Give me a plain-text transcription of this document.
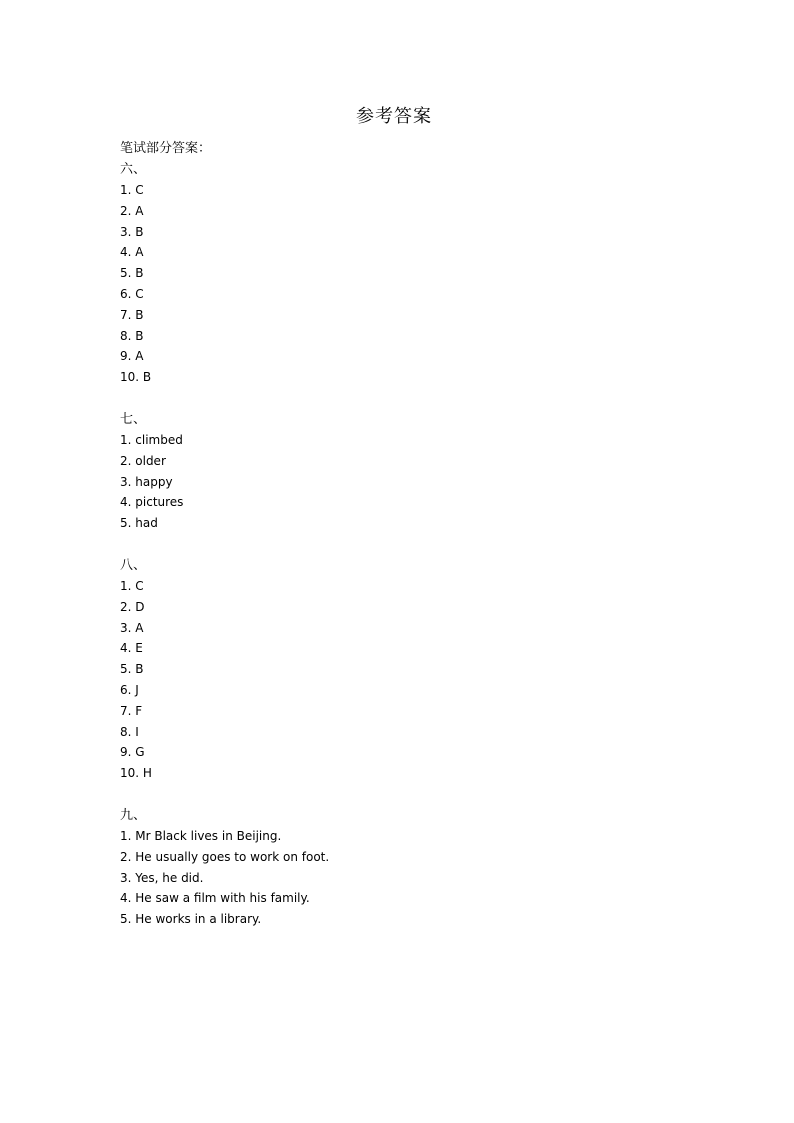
参考答案
笔试部分答案：
六、
1. C
2. A
3. B
4. A
5. B
6. C
7. B
8. B
9. A
10. B
七、
1. climbed
2. older
3. happy
4. pictures
5. had
八、
1. C
2. D
3. A
4. E
5. B
6. J
7. F
8. I
9. G
10. H
九、
1. Mr Black lives in Beijing.
2. He usually goes to work on foot.
3. Yes, he did.
4. He saw a film with his family.
5. He works in a library.
